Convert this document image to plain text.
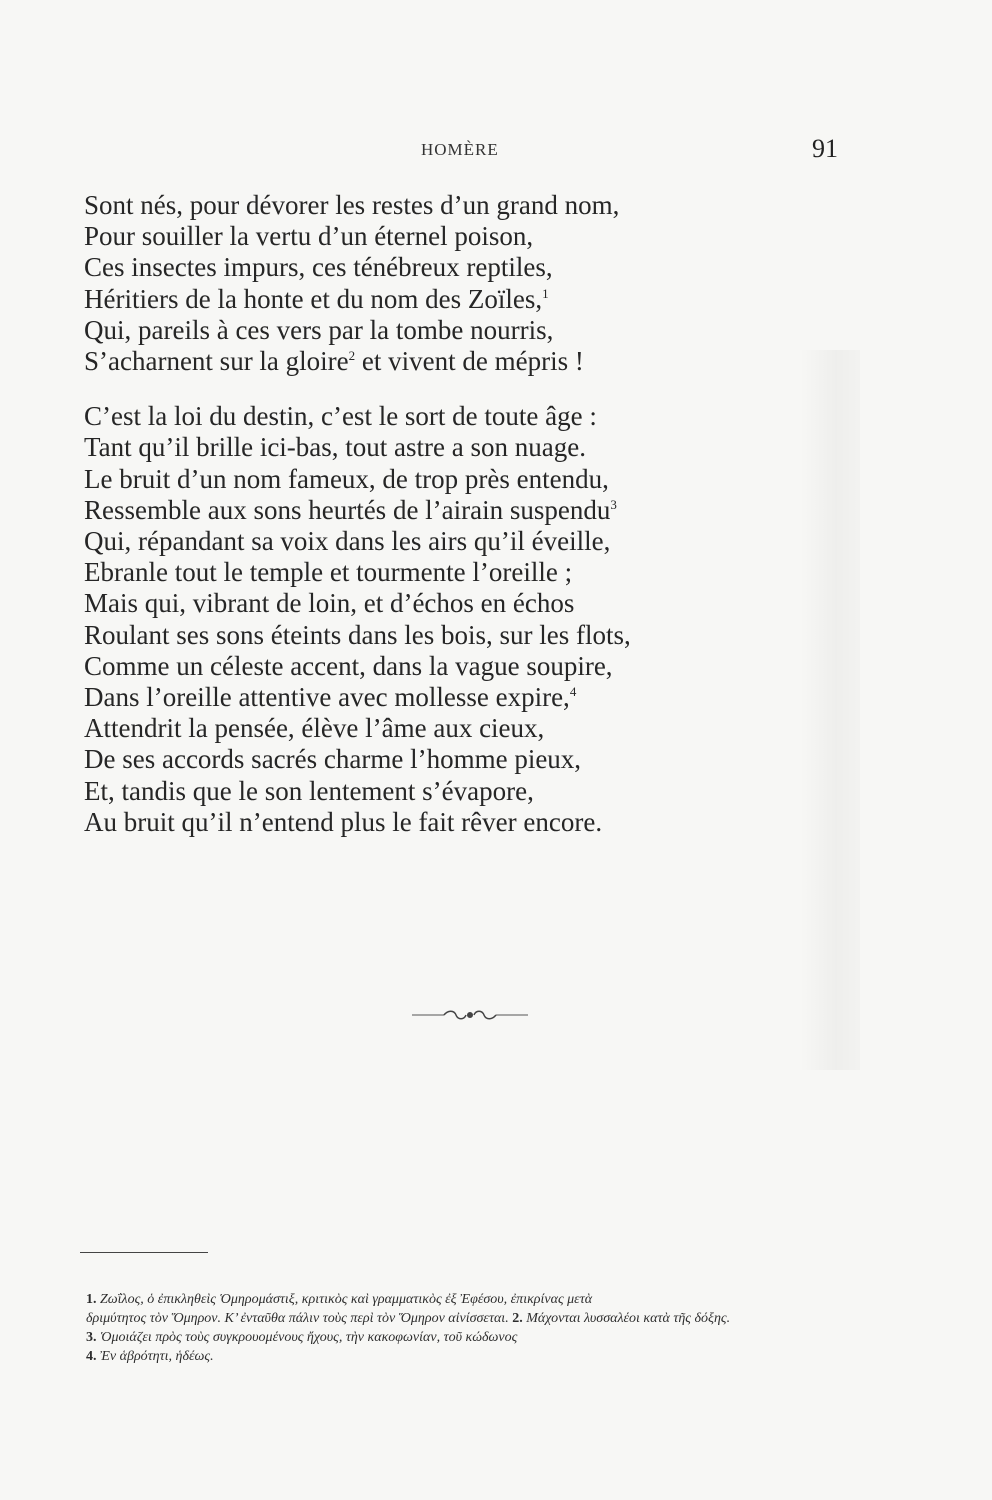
HOMÈRE	91
Sont nés, pour dévorer les restes d’un grand nom,
Pour souiller la vertu d’un éternel poison,
Ces insectes impurs, ces ténébreux reptiles,
Héritiers de la honte et du nom des Zoïles,$^1$
Qui, pareils à ces vers par la tombe nourris,
S’acharnent sur la gloire$^2$ et vivent de mépris !
C’est la loi du destin, c’est le sort de toute âge :
Tant qu’il brille ici-bas, tout astre a son nuage.
Le bruit d’un nom fameux, de trop près entendu,
Ressemble aux sons heurtés de l’airain suspendu$^3$
Qui, répandant sa voix dans les airs qu’il éveille,
Ebranle tout le temple et tourmente l’oreille ;
Mais qui, vibrant de loin, et d’échos en échos
Roulant ses sons éteints dans les bois, sur les flots,
Comme un céleste accent, dans la vague soupire,
Dans l’oreille attentive avec mollesse expire,$^4$
Attendrit la pensée, élève l’âme aux cieux,
De ses accords sacrés charme l’homme pieux,
Et, tandis que le son lentement s’évapore,
Au bruit qu’il n’entend plus le fait rêver encore.

1. Ζωΐλος, ὁ ἐπικληθεὶς Ὁμηρομάστιξ, κριτικὸς καὶ γραμματικὸς ἐξ Ἐφέσου, ἐπικρίνας μετὰ

δριμύτητος τὸν Ὅμηρον. Κ’ ἐνταῦθα πάλιν τοὺς περὶ τὸν Ὅμηρον αἰνίσσεται. 2. Μάχονται λυσσαλέοι κατὰ τῆς δόξης.

3. Ὁμοιάζει πρὸς τοὺς συγκρουομένους ἤχους, τὴν κακοφωνίαν, τοῦ κώδωνος

4. Ἐν ἁβρότητι, ἡδέως.
